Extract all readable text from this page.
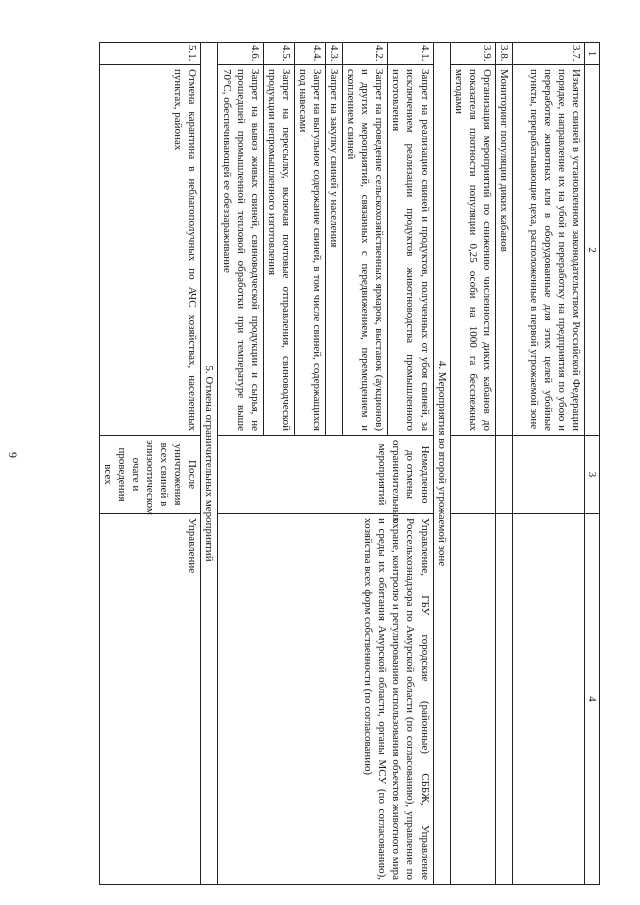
9
1	2	3	4
3.7.	Изъятие свиней в установленном законодательством Российской Федерации порядке, направление их на убой и переработку на предприятия по убою и переработке животных или в оборудованные для этих целей убойные пункты, перерабатывающие цеха, расположенные в первой угрожаемой зоне		
3.8.	Мониторинг популяции диких кабанов		
3.9.	Организация мероприятий по снижению численности диких кабанов до показателя плотности популяции 0,25 особи на 1000 га бесснежных методами		
4. Мероприятия во второй угрожаемой зоне			
4.1.	Запрет на реализацию свиней и продуктов, полученных от убоя свиней, за исключением реализации продуктов животноводства промышленного изготовления	Немедленно до отмены ограничительных мероприятий	Управление, ГБУ городские (районные) СББЖ, Управление Россельхознадзора по Амурской области (по согласованию), управление по охране, контролю и регулированию использования объектов животного мира и среды их обитания Амурской области, органы МСУ (по согласованию), хозяйства всех форм собственности (по согласованию)
4.2.	Запрет на проведение сельскохозяйственных ярмарок, выставок (аукционов) и других мероприятий, связанных с передвижением, перемещением и скоплением свиней		
4.3.	Запрет на закупку свиней у населения		
4.4.	Запрет на выгульное содержание свиней, в том числе свиней, содержащихся под навесами		
4.5.	Запрет на пересылку, включая почтовые отправления, свиноводческой продукции непромышленного изготовления		
4.6.	Запрет на вывоз живых свиней, свиноводческой продукции и сырья, не прошедшей промышленной тепловой обработки при температуре выше 70°С, обеспечивающей ее обеззараживание		
5. Отмена ограничительных мероприятий			
5.1.	Отмена карантина в неблагополучных по АЧС хозяйствах, населенных пунктах, районах	После уничтожения всех свиней в эпизоотическом очаге и проведения всех	Управление
